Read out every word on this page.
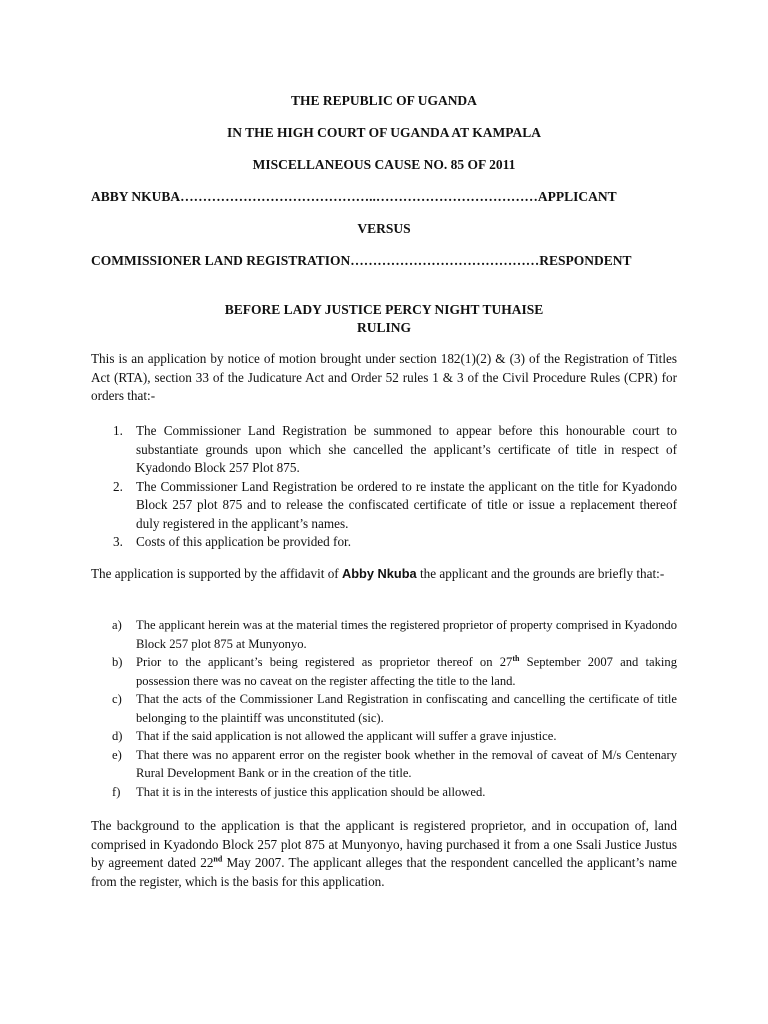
THE REPUBLIC OF UGANDA
IN THE HIGH COURT OF UGANDA AT KAMPALA
MISCELLANEOUS CAUSE NO. 85 OF 2011
ABBY NKUBA……………………………………..………………………………APPLICANT
VERSUS
COMMISSIONER LAND REGISTRATION……………………………………RESPONDENT
BEFORE LADY JUSTICE PERCY NIGHT TUHAISE
RULING
This is an application by notice of motion brought under section 182(1)(2) & (3) of the Registration of Titles Act (RTA), section 33 of the Judicature Act and Order 52 rules 1 & 3 of the Civil Procedure Rules (CPR) for orders that:-
1. The Commissioner Land Registration be summoned to appear before this honourable court to substantiate grounds upon which she cancelled the applicant’s certificate of title in respect of Kyadondo Block 257 Plot 875.
2. The Commissioner Land Registration be ordered to re instate the applicant on the title for Kyadondo Block 257 plot 875 and to release the confiscated certificate of title or issue a replacement thereof duly registered in the applicant’s names.
3. Costs of this application be provided for.
The application is supported by the affidavit of Abby Nkuba the applicant and the grounds are briefly that:-
a) The applicant herein was at the material times the registered proprietor of property comprised in Kyadondo Block 257 plot 875 at Munyonyo.
b) Prior to the applicant’s being registered as proprietor thereof on 27th September 2007 and taking possession there was no caveat on the register affecting the title to the land.
c) That the acts of the Commissioner Land Registration in confiscating and cancelling the certificate of title belonging to the plaintiff was unconstituted (sic).
d) That if the said application is not allowed the applicant will suffer a grave injustice.
e) That there was no apparent error on the register book whether in the removal of caveat of M/s Centenary Rural Development Bank or in the creation of the title.
f) That it is in the interests of justice this application should be allowed.
The background to the application is that the applicant is registered proprietor, and in occupation of, land comprised in Kyadondo Block 257 plot 875 at Munyonyo, having purchased it from a one Ssali Justice Justus by agreement dated 22nd May 2007. The applicant alleges that the respondent cancelled the applicant’s name from the register, which is the basis for this application.
